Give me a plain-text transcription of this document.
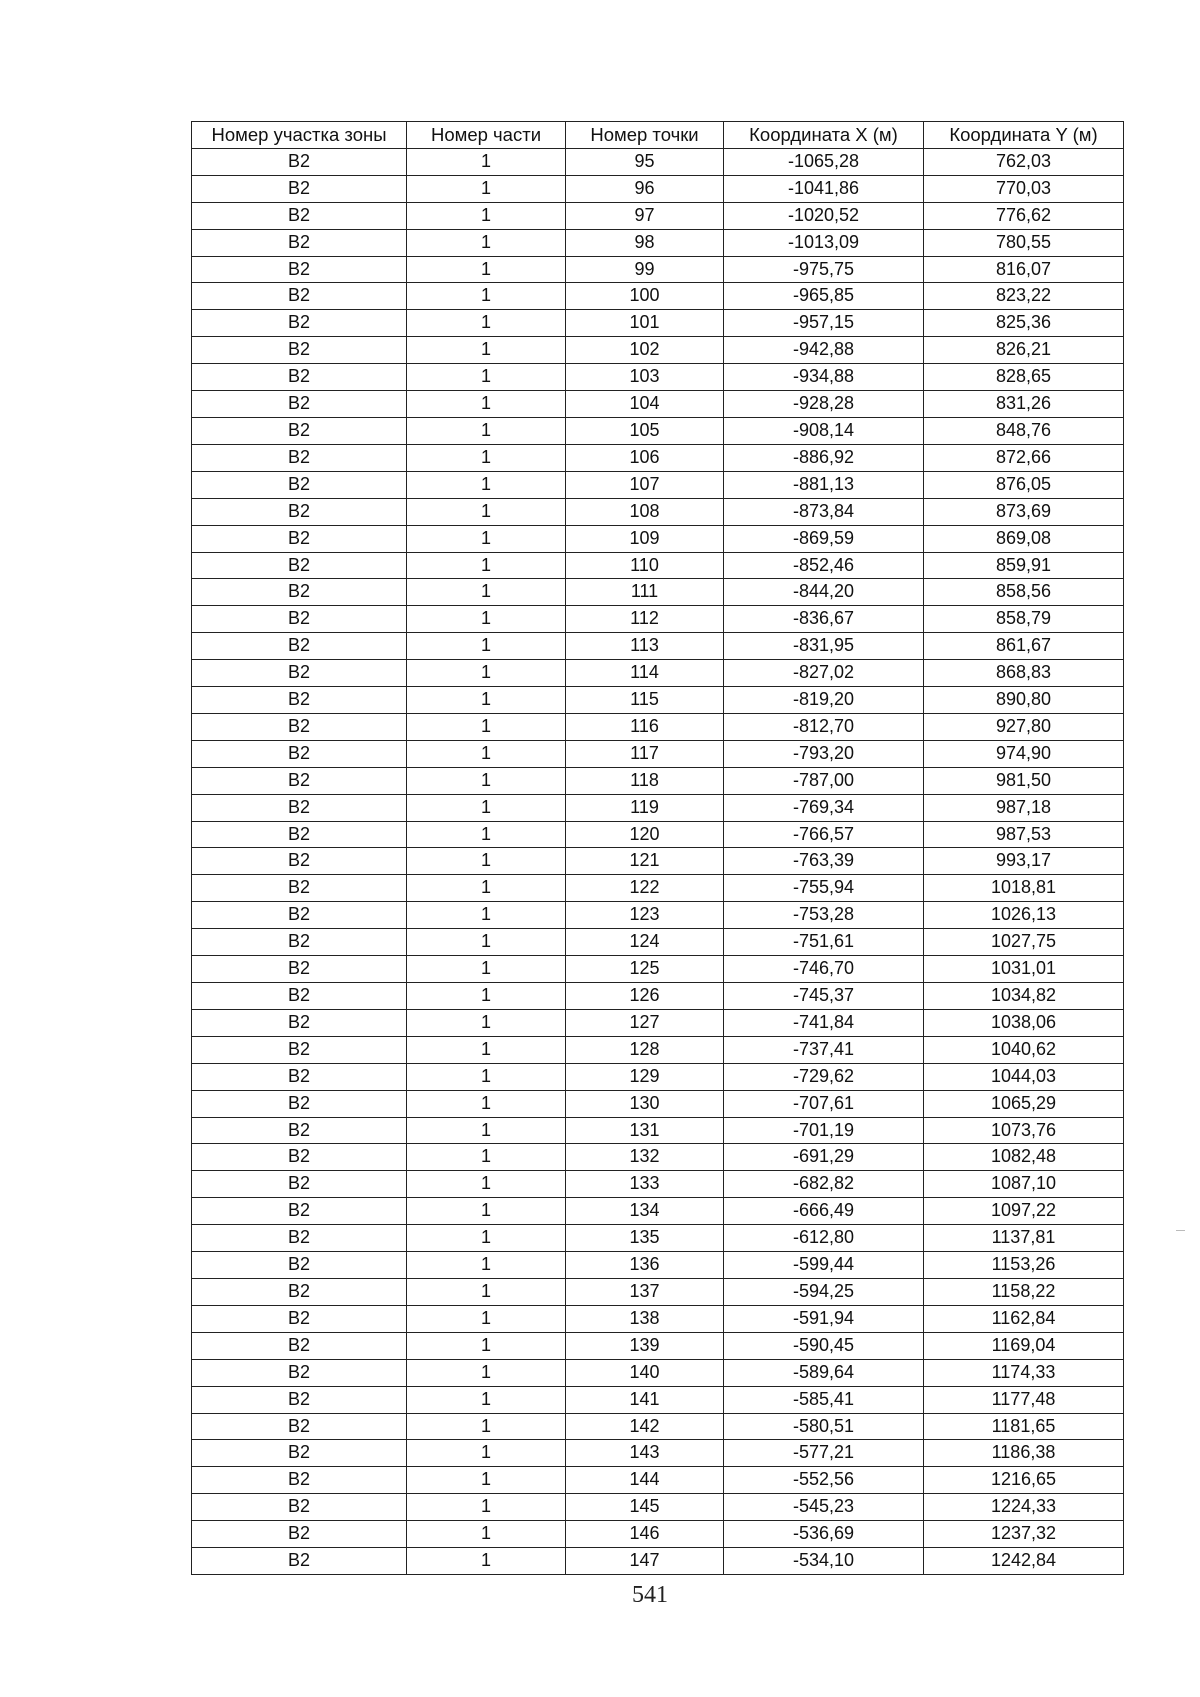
Номер участка зоны	Номер части	Номер точки	Координата X (м)	Координата Y (м)
В2	1	95	-1065,28	762,03
В2	1	96	-1041,86	770,03
В2	1	97	-1020,52	776,62
В2	1	98	-1013,09	780,55
В2	1	99	-975,75	816,07
В2	1	100	-965,85	823,22
В2	1	101	-957,15	825,36
В2	1	102	-942,88	826,21
В2	1	103	-934,88	828,65
В2	1	104	-928,28	831,26
В2	1	105	-908,14	848,76
В2	1	106	-886,92	872,66
В2	1	107	-881,13	876,05
В2	1	108	-873,84	873,69
В2	1	109	-869,59	869,08
В2	1	110	-852,46	859,91
В2	1	111	-844,20	858,56
В2	1	112	-836,67	858,79
В2	1	113	-831,95	861,67
В2	1	114	-827,02	868,83
В2	1	115	-819,20	890,80
В2	1	116	-812,70	927,80
В2	1	117	-793,20	974,90
В2	1	118	-787,00	981,50
В2	1	119	-769,34	987,18
В2	1	120	-766,57	987,53
В2	1	121	-763,39	993,17
В2	1	122	-755,94	1018,81
В2	1	123	-753,28	1026,13
В2	1	124	-751,61	1027,75
В2	1	125	-746,70	1031,01
В2	1	126	-745,37	1034,82
В2	1	127	-741,84	1038,06
В2	1	128	-737,41	1040,62
В2	1	129	-729,62	1044,03
В2	1	130	-707,61	1065,29
В2	1	131	-701,19	1073,76
В2	1	132	-691,29	1082,48
В2	1	133	-682,82	1087,10
В2	1	134	-666,49	1097,22
В2	1	135	-612,80	1137,81
В2	1	136	-599,44	1153,26
В2	1	137	-594,25	1158,22
В2	1	138	-591,94	1162,84
В2	1	139	-590,45	1169,04
В2	1	140	-589,64	1174,33
В2	1	141	-585,41	1177,48
В2	1	142	-580,51	1181,65
В2	1	143	-577,21	1186,38
В2	1	144	-552,56	1216,65
В2	1	145	-545,23	1224,33
В2	1	146	-536,69	1237,32
В2	1	147	-534,10	1242,84
541
